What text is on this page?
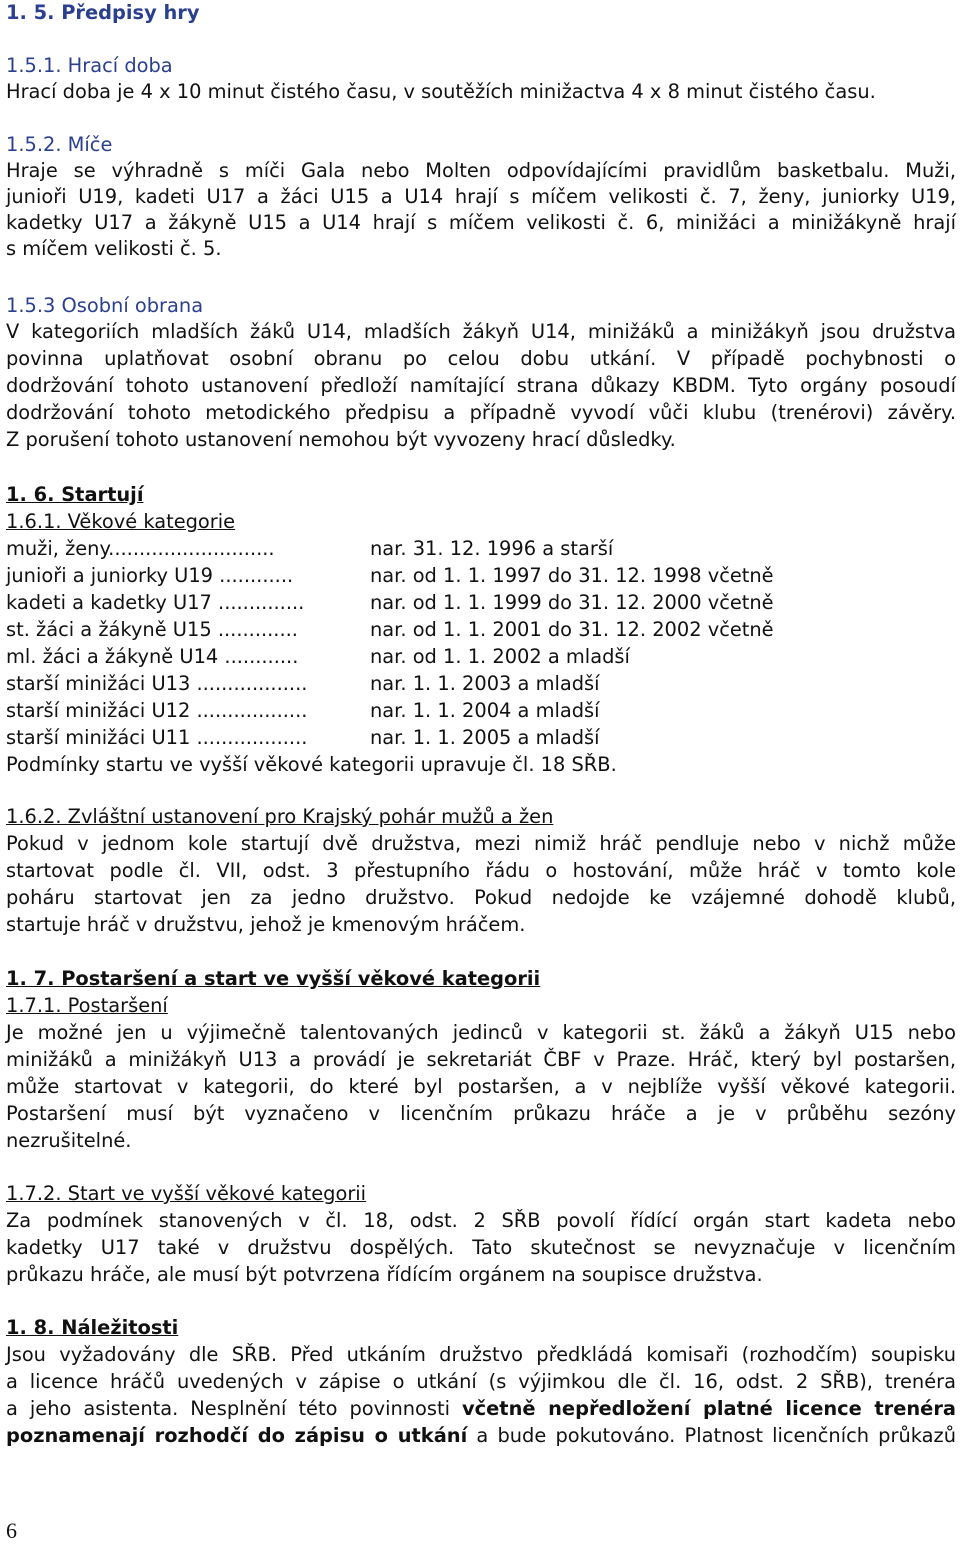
1. 5. Předpisy hry
1.5.1. Hrací doba
Hrací doba je 4 x 10 minut čistého času, v soutěžích minižactva 4 x 8 minut čistého času.
1.5.2. Míče
Hraje se výhradně s míči Gala nebo Molten odpovídajícími pravidlům basketbalu. Muži,
junioři U19, kadeti U17 a žáci U15 a U14 hrají s míčem velikosti č. 7, ženy, juniorky U19,
kadetky U17 a žákyně U15 a U14 hrají s míčem velikosti č. 6, minižáci a minižákyně hrají
s míčem velikosti č. 5.
1.5.3 Osobní obrana
V kategoriích mladších žáků U14, mladších žákyň U14, minižáků a minižákyň jsou družstva
povinna uplatňovat osobní obranu po celou dobu utkání. V případě pochybnosti o
dodržování tohoto ustanovení předloží namítající strana důkazy KBDM. Tyto orgány posoudí
dodržování tohoto metodického předpisu a případně vyvodí vůči klubu (trenérovi) závěry.
Z porušení tohoto ustanovení nemohou být vyvozeny hrací důsledky.
1. 6. Startují
1.6.1. Věkové kategorie
muži, ženy...........................	nar. 31. 12. 1996 a starší
junioři a juniorky U19 ............	nar. od 1. 1. 1997 do 31. 12. 1998 včetně
kadeti a kadetky U17 ..............	nar. od 1. 1. 1999 do 31. 12. 2000 včetně
st. žáci a žákyně U15 .............	nar. od 1. 1. 2001 do 31. 12. 2002 včetně
ml. žáci a žákyně U14 ............	nar. od 1. 1. 2002 a mladší
starší minižáci U13 ..................	nar. 1. 1. 2003 a mladší
starší minižáci U12 ..................	nar. 1. 1. 2004 a mladší
starší minižáci U11 ..................	nar. 1. 1. 2005 a mladší
Podmínky startu ve vyšší věkové kategorii upravuje čl. 18 SŘB.
1.6.2. Zvláštní ustanovení pro Krajský pohár mužů a žen
Pokud v jednom kole startují dvě družstva, mezi nimiž hráč pendluje nebo v nichž může
startovat podle čl. VII, odst. 3 přestupního řádu o hostování, může hráč v tomto kole
poháru startovat jen za jedno družstvo. Pokud nedojde ke vzájemné dohodě klubů,
startuje hráč v družstvu, jehož je kmenovým hráčem.
1. 7. Postaršení a start ve vyšší věkové kategorii
1.7.1. Postaršení
Je možné jen u výjimečně talentovaných jedinců v kategorii st. žáků a žákyň U15 nebo
minižáků a minižákyň U13 a provádí je sekretariát ČBF v Praze. Hráč, který byl postaršen,
může startovat v kategorii, do které byl postaršen, a v nejblíže vyšší věkové kategorii.
Postaršení musí být vyznačeno v licenčním průkazu hráče a je v průběhu sezóny
nezrušitelné.
1.7.2. Start ve vyšší věkové kategorii
Za podmínek stanovených v čl. 18, odst. 2 SŘB povolí řídící orgán start kadeta nebo
kadetky U17 také v družstvu dospělých. Tato skutečnost se nevyznačuje v licenčním
průkazu hráče, ale musí být potvrzena řídícím orgánem na soupisce družstva.
1. 8. Náležitosti
Jsou vyžadovány dle SŘB. Před utkáním družstvo předkládá komisaři (rozhodčím) soupisku
a licence hráčů uvedených v zápise o utkání (s výjimkou dle čl. 16, odst. 2 SŘB), trenéra
a jeho asistenta. Nesplnění této povinnosti včetně nepředložení platné licence trenéra
poznamenají rozhodčí do zápisu o utkání a bude pokutováno. Platnost licenčních průkazů
6
